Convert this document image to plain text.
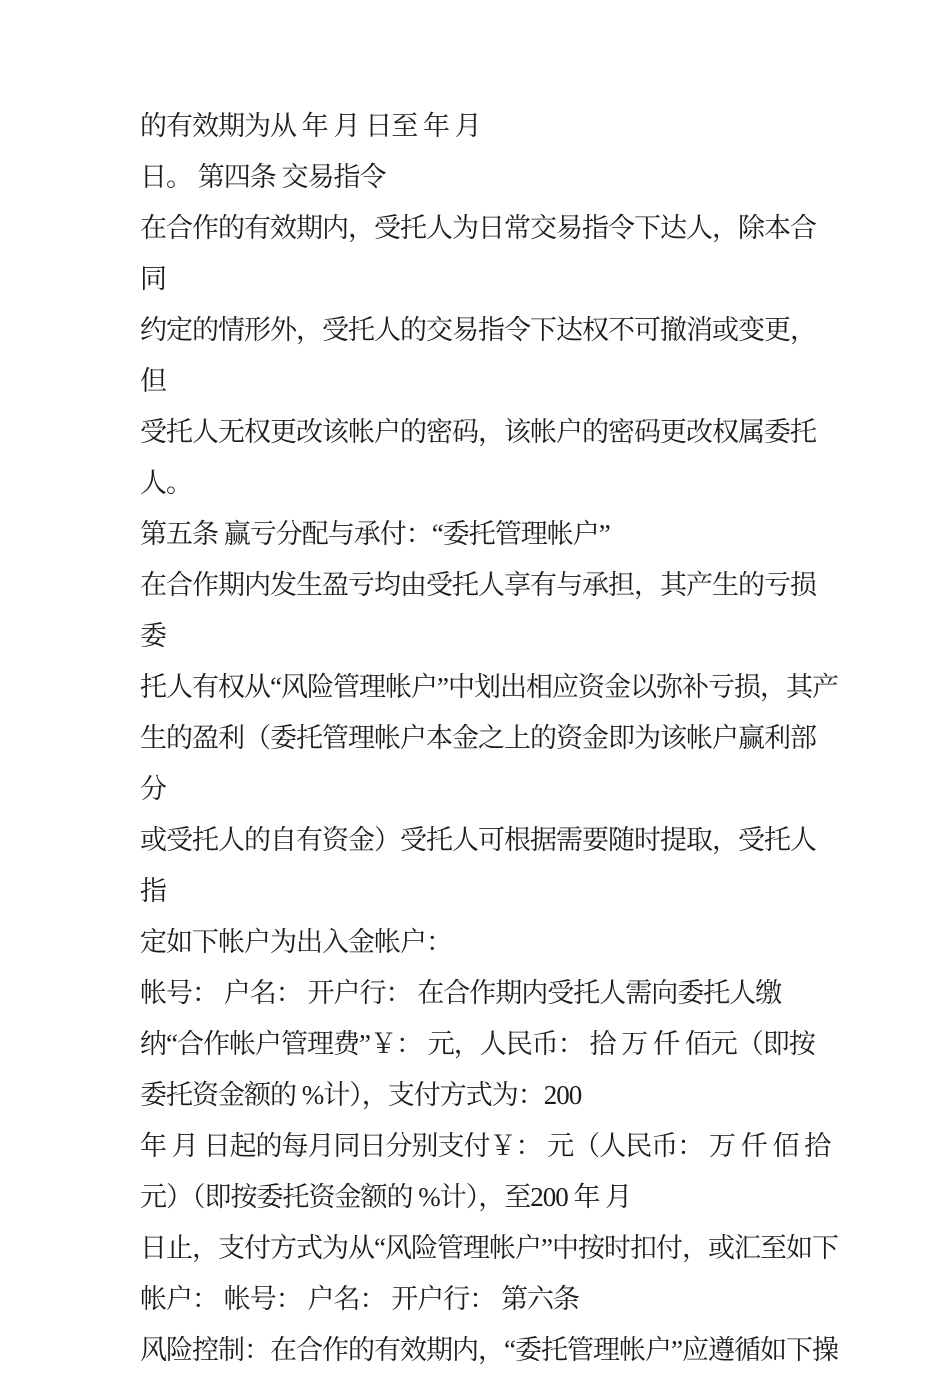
的有效期为从 年 月 日至 年 月

日。 第四条 交易指令

在合作的有效期内，受托人为日常交易指令下达人，除本合同

约定的情形外，受托人的交易指令下达权不可撤消或变更，但

受托人无权更改该帐户的密码，该帐户的密码更改权属委托

人。

第五条 赢亏分配与承付：“委托管理帐户”

在合作期内发生盈亏均由受托人享有与承担，其产生的亏损委

托人有权从“风险管理帐户”中划出相应资金以弥补亏损，其产

生的盈利（委托管理帐户本金之上的资金即为该帐户赢利部分

或受托人的自有资金）受托人可根据需要随时提取，受托人指

定如下帐户为出入金帐户：

帐号： 户名： 开户行： 在合作期内受托人需向委托人缴

纳“合作帐户管理费”￥： 元，人民币： 拾 万 仟 佰元（即按

委托资金额的 %计），支付方式为：200

年 月 日起的每月同日分别支付￥： 元（人民币： 万 仟 佰 拾

元）（即按委托资金额的 %计），至200 年 月

日止，支付方式为从“风险管理帐户”中按时扣付，或汇至如下

帐户： 帐号： 户名： 开户行： 第六条

风险控制：在合作的有效期内，“委托管理帐户”应遵循如下操
